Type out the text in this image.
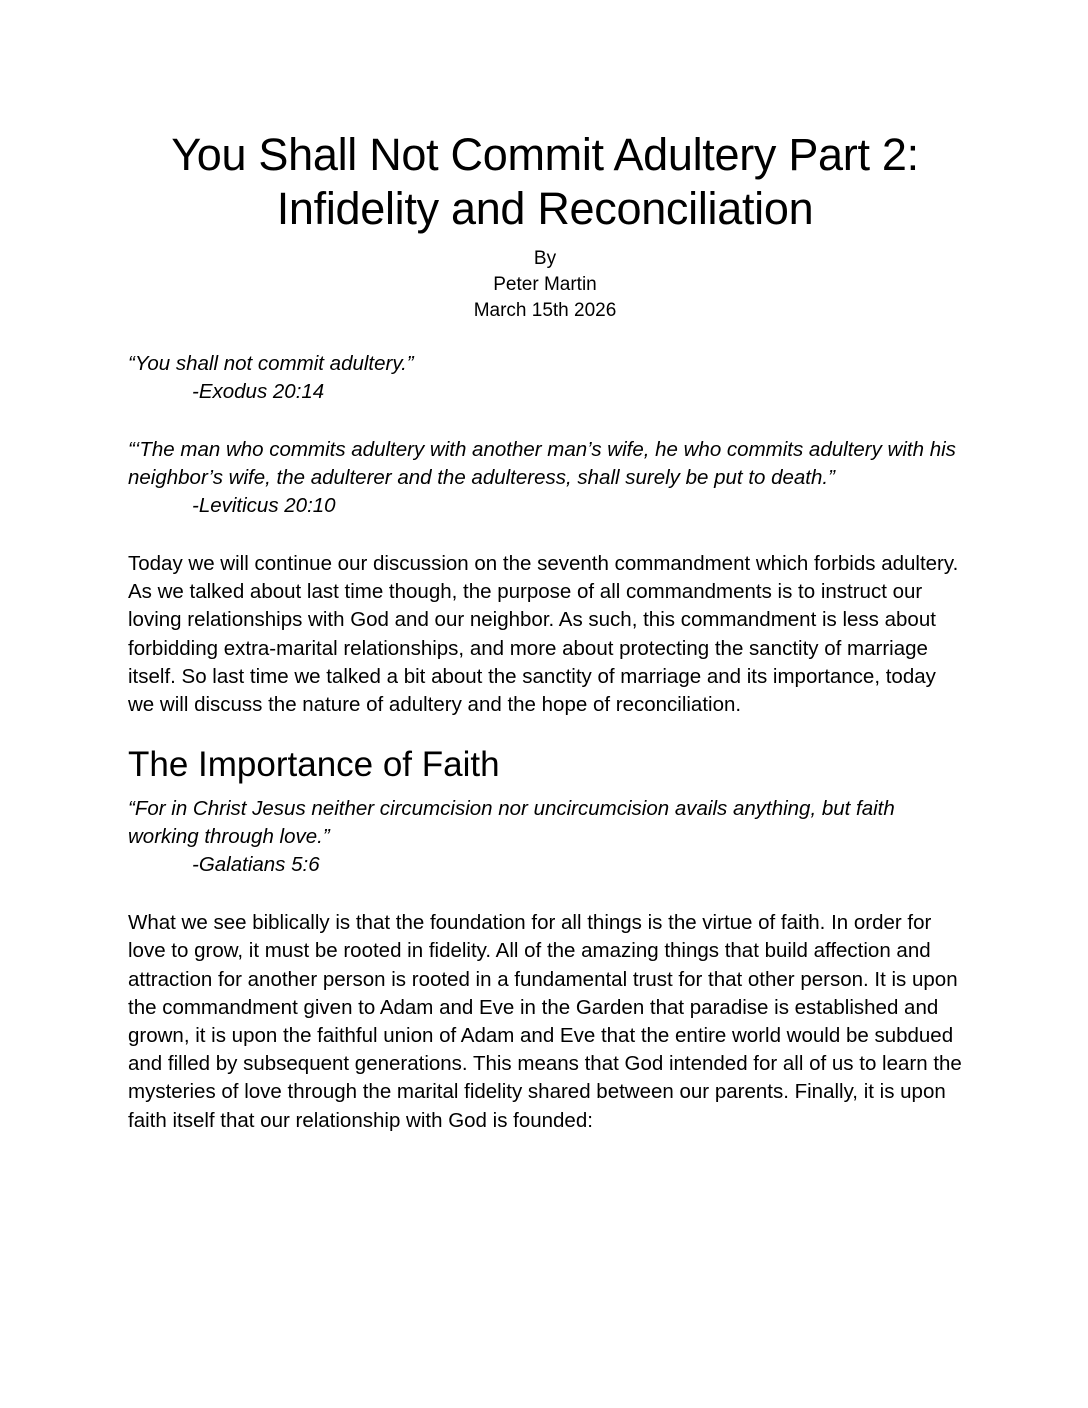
You Shall Not Commit Adultery Part 2:
Infidelity and Reconciliation
By
Peter Martin
March 15th 2026

“You shall not commit adultery.”

-Exodus 20:14

“‘The man who commits adultery with another man’s wife, he who commits adultery with his neighbor’s wife, the adulterer and the adulteress, shall surely be put to death.”

-Leviticus 20:10

Today we will continue our discussion on the seventh commandment which forbids adultery. As we talked about last time though, the purpose of all commandments is to instruct our loving relationships with God and our neighbor. As such, this commandment is less about forbidding extra-marital relationships, and more about protecting the sanctity of marriage itself. So last time we talked a bit about the sanctity of marriage and its importance, today we will discuss the nature of adultery and the hope of reconciliation.

The Importance of Faith

“For in Christ Jesus neither circumcision nor uncircumcision avails anything, but faith working through love.”

-Galatians 5:6

What we see biblically is that the foundation for all things is the virtue of faith. In order for love to grow, it must be rooted in fidelity. All of the amazing things that build affection and attraction for another person is rooted in a fundamental trust for that other person. It is upon the commandment given to Adam and Eve in the Garden that paradise is established and grown, it is upon the faithful union of Adam and Eve that the entire world would be subdued and filled by subsequent generations. This means that God intended for all of us to learn the mysteries of love through the marital fidelity shared between our parents. Finally, it is upon faith itself that our relationship with God is founded:
